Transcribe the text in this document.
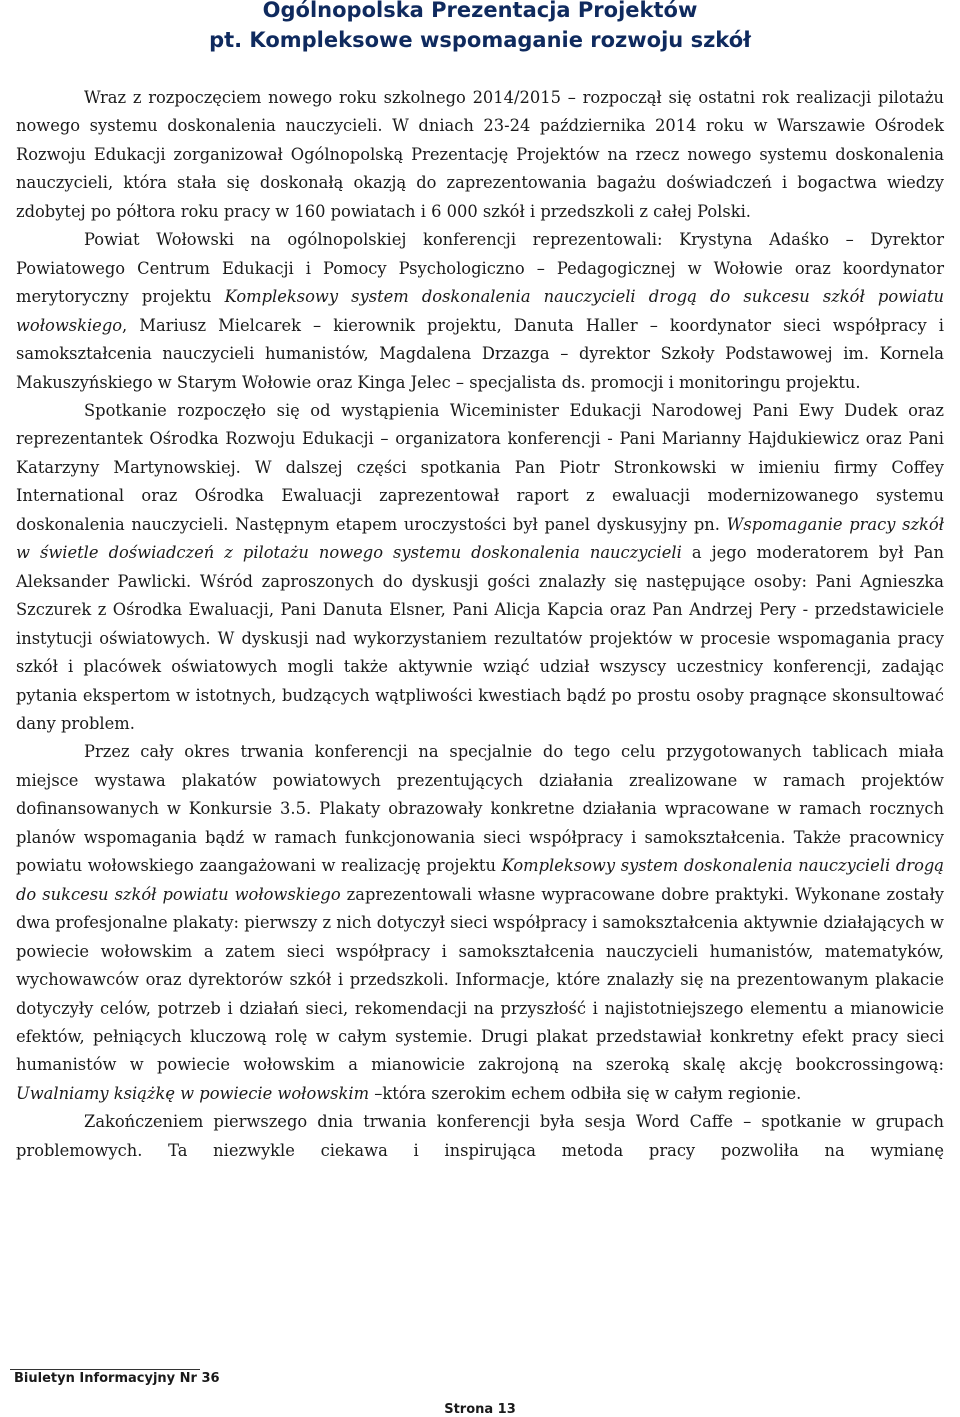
Ogólnopolska Prezentacja Projektów
pt. Kompleksowe wspomaganie rozwoju szkół

Wraz z rozpoczęciem nowego roku szkolnego 2014/2015 – rozpoczął się ostatni rok realizacji pilotażu nowego systemu doskonalenia nauczycieli. W dniach 23-24 października 2014 roku w Warszawie Ośrodek Rozwoju Edukacji zorganizował Ogólnopolską Prezentację Projektów na rzecz nowego systemu doskonalenia nauczycieli, która stała się doskonałą okazją do zaprezentowania bagażu doświadczeń i bogactwa wiedzy zdobytej po półtora roku pracy w 160 powiatach i 6 000 szkół i przedszkoli z całej Polski.

Powiat Wołowski na ogólnopolskiej konferencji reprezentowali: Krystyna Adaśko – Dyrektor Powiatowego Centrum Edukacji i Pomocy Psychologiczno – Pedagogicznej w Wołowie oraz koordynator merytoryczny projektu Kompleksowy system doskonalenia nauczycieli drogą do sukcesu szkół powiatu wołowskiego, Mariusz Mielcarek – kierownik projektu, Danuta Haller – koordynator sieci współpracy i samokształcenia nauczycieli humanistów, Magdalena Drzazga – dyrektor Szkoły Podstawowej im. Kornela Makuszyńskiego w Starym Wołowie oraz Kinga Jelec – specjalista ds. promocji i monitoringu projektu.

Spotkanie rozpoczęło się od wystąpienia Wiceminister Edukacji Narodowej Pani Ewy Dudek oraz reprezentantek Ośrodka Rozwoju Edukacji – organizatora konferencji - Pani Marianny Hajdukiewicz oraz Pani Katarzyny Martynowskiej. W dalszej części spotkania Pan Piotr Stronkowski w imieniu firmy Coffey International oraz Ośrodka Ewaluacji zaprezentował raport z ewaluacji modernizowanego systemu doskonalenia nauczycieli. Następnym etapem uroczystości był panel dyskusyjny pn. Wspomaganie pracy szkół w świetle doświadczeń z pilotażu nowego systemu doskonalenia nauczycieli a jego moderatorem był Pan Aleksander Pawlicki. Wśród zaproszonych do dyskusji gości znalazły się następujące osoby: Pani Agnieszka Szczurek z Ośrodka Ewaluacji, Pani Danuta Elsner, Pani Alicja Kapcia oraz Pan Andrzej Pery - przedstawiciele instytucji oświatowych. W dyskusji nad wykorzystaniem rezultatów projektów w procesie wspomagania pracy szkół i placówek oświatowych mogli także aktywnie wziąć udział wszyscy uczestnicy konferencji, zadając pytania ekspertom w istotnych, budzących wątpliwości kwestiach bądź po prostu osoby pragnące skonsultować dany problem.

Przez cały okres trwania konferencji na specjalnie do tego celu przygotowanych tablicach miała miejsce wystawa plakatów powiatowych prezentujących działania zrealizowane w ramach projektów dofinansowanych w Konkursie 3.5. Plakaty obrazowały konkretne działania wpracowane w ramach rocznych planów wspomagania bądź w ramach funkcjonowania sieci współpracy i samokształcenia. Także pracownicy powiatu wołowskiego zaangażowani w realizację projektu Kompleksowy system doskonalenia nauczycieli drogą do sukcesu szkół powiatu wołowskiego zaprezentowali własne wypracowane dobre praktyki. Wykonane zostały dwa profesjonalne plakaty: pierwszy z nich dotyczył sieci współpracy i samokształcenia aktywnie działających w powiecie wołowskim a zatem sieci współpracy i samokształcenia nauczycieli humanistów, matematyków, wychowawców oraz dyrektorów szkół i przedszkoli. Informacje, które znalazły się na prezentowanym plakacie dotyczyły celów, potrzeb i działań sieci, rekomendacji na przyszłość i najistotniejszego elementu a mianowicie efektów, pełniących kluczową rolę w całym systemie. Drugi plakat przedstawiał konkretny efekt pracy sieci humanistów w powiecie wołowskim a mianowicie zakrojoną na szeroką skalę akcję bookcrossingową: Uwalniamy książkę w powiecie wołowskim –która szerokim echem odbiła się w całym regionie.

Zakończeniem pierwszego dnia trwania konferencji była sesja Word Caffe – spotkanie w grupach problemowych. Ta niezwykle ciekawa i inspirująca metoda pracy pozwoliła na wymianę

Biuletyn Informacyjny Nr 36
Strona 13
